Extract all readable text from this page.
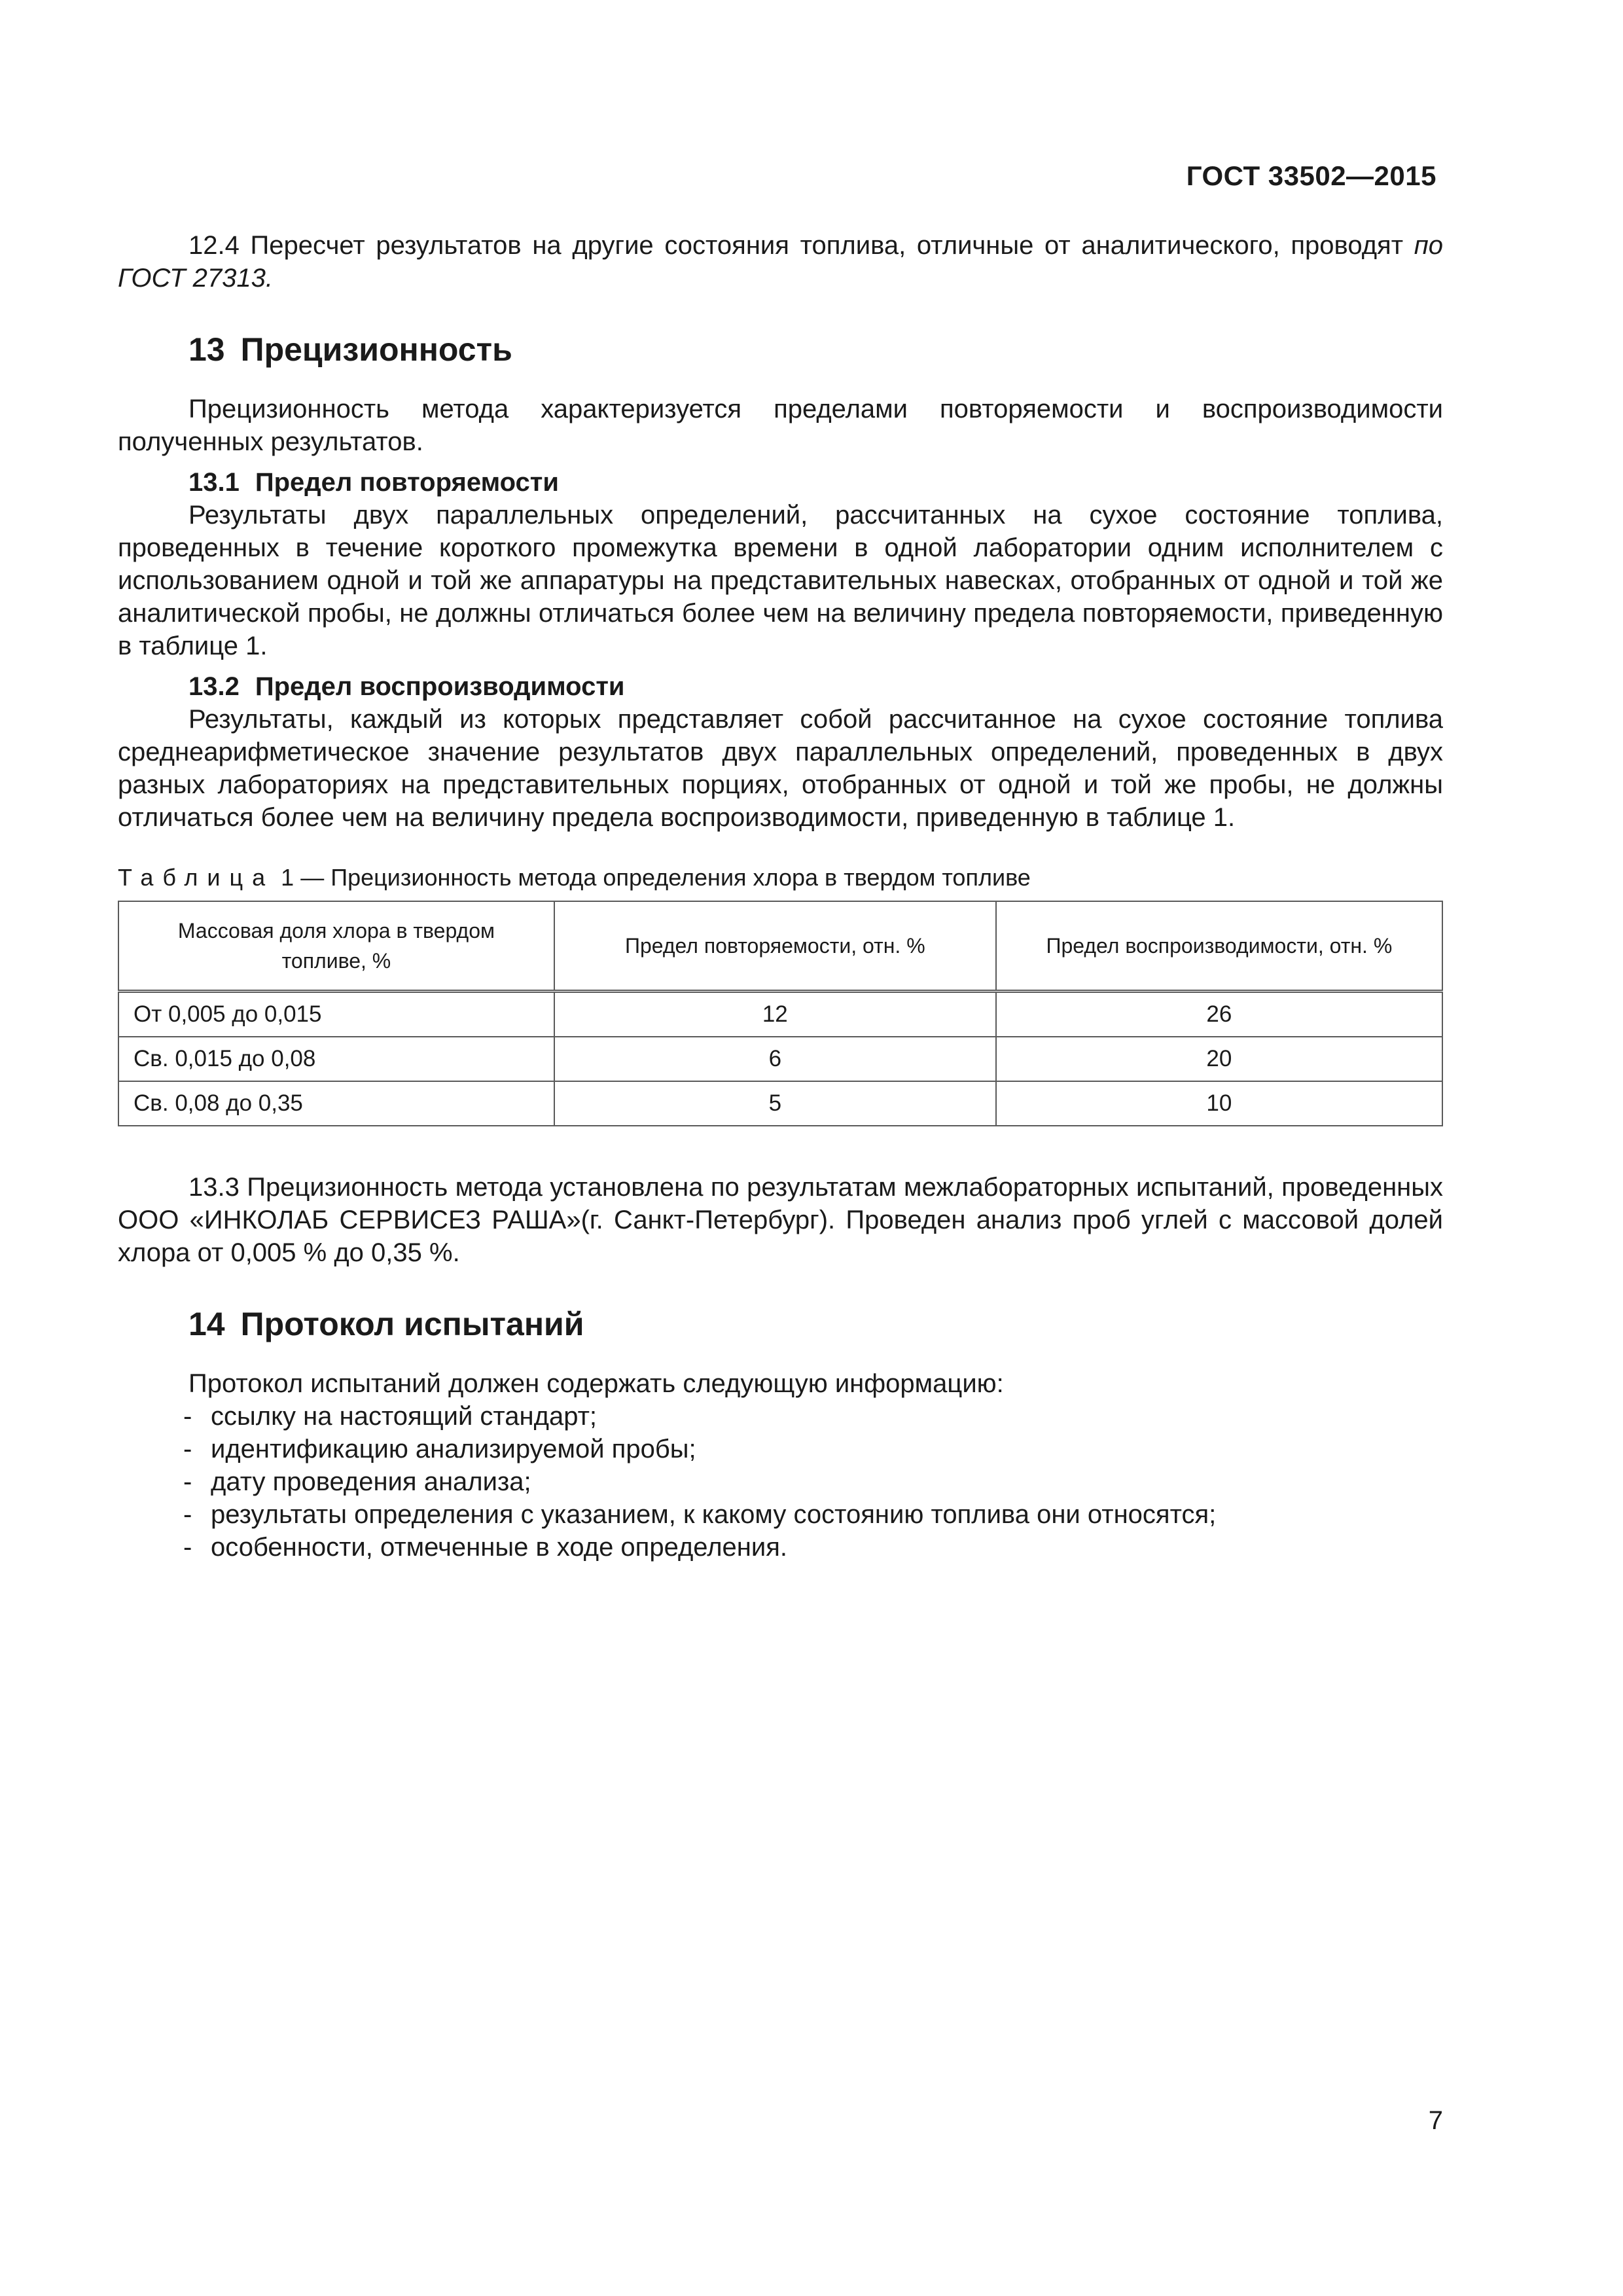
ГОСТ 33502—2015

12.4 Пересчет результатов на другие состояния топлива, отличные от аналитического, проводят по ГОСТ 27313.

13 Прецизионность

Прецизионность метода характеризуется пределами повторяемости и воспроизводимости полученных результатов.

13.1 Предел повторяемости

Результаты двух параллельных определений, рассчитанных на сухое состояние топлива, проведенных в течение короткого промежутка времени в одной лаборатории одним исполнителем с использованием одной и той же аппаратуры на представительных навесках, отобранных от одной и той же аналитической пробы, не должны отличаться более чем на величину предела повторяемости, приведенную в таблице 1.

13.2 Предел воспроизводимости

Результаты, каждый из которых представляет собой рассчитанное на сухое состояние топлива среднеарифметическое значение результатов двух параллельных определений, проведенных в двух разных лабораториях на представительных порциях, отобранных от одной и той же пробы, не должны отличаться более чем на величину предела воспроизводимости, приведенную в таблице 1.

Таблица 1 — Прецизионность метода определения хлора в твердом топливе
Массовая доля хлора в твердом топливе, %	Предел повторяемости, отн. %	Предел воспроизводимости, отн. %
От 0,005 до 0,015	12	26
Св. 0,015 до 0,08	6	20
Св. 0,08 до 0,35	5	10

13.3 Прецизионность метода установлена по результатам межлабораторных испытаний, проведенных ООО «ИНКОЛАБ СЕРВИСЕЗ РАША»(г. Санкт-Петербург). Проведен анализ проб углей с массовой долей хлора от 0,005 % до 0,35 %.

14 Протокол испытаний

Протокол испытаний должен содержать следующую информацию:

- ссылку на настоящий стандарт;
- идентификацию анализируемой пробы;
- дату проведения анализа;
- результаты определения с указанием, к какому состоянию топлива они относятся;
- особенности, отмеченные в ходе определения.
7
